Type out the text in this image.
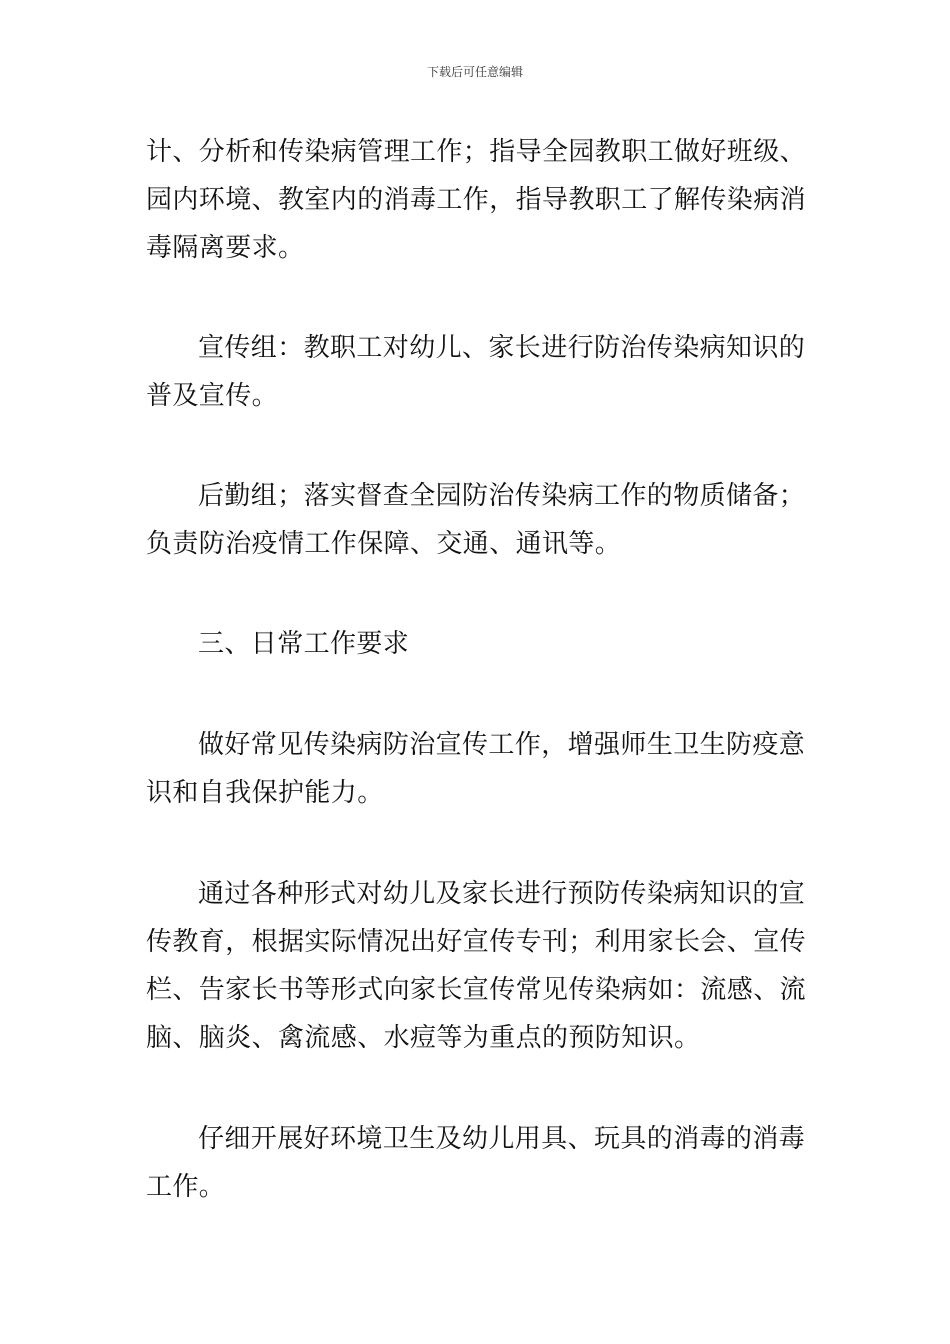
下载后可任意编辑

计、分析和传染病管理工作；指导全园教职工做好班级、
园内环境、教室内的消毒工作，指导教职工了解传染病消
毒隔离要求。

宣传组：教职工对幼儿、家长进行防治传染病知识的
普及宣传。

后勤组；落实督查全园防治传染病工作的物质储备；
负责防治疫情工作保障、交通、通讯等。

三、日常工作要求

做好常见传染病防治宣传工作，增强师生卫生防疫意
识和自我保护能力。

通过各种形式对幼儿及家长进行预防传染病知识的宣
传教育，根据实际情况出好宣传专刊；利用家长会、宣传
栏、告家长书等形式向家长宣传常见传染病如：流感、流
脑、脑炎、禽流感、水痘等为重点的预防知识。

仔细开展好环境卫生及幼儿用具、玩具的消毒的消毒
工作。
